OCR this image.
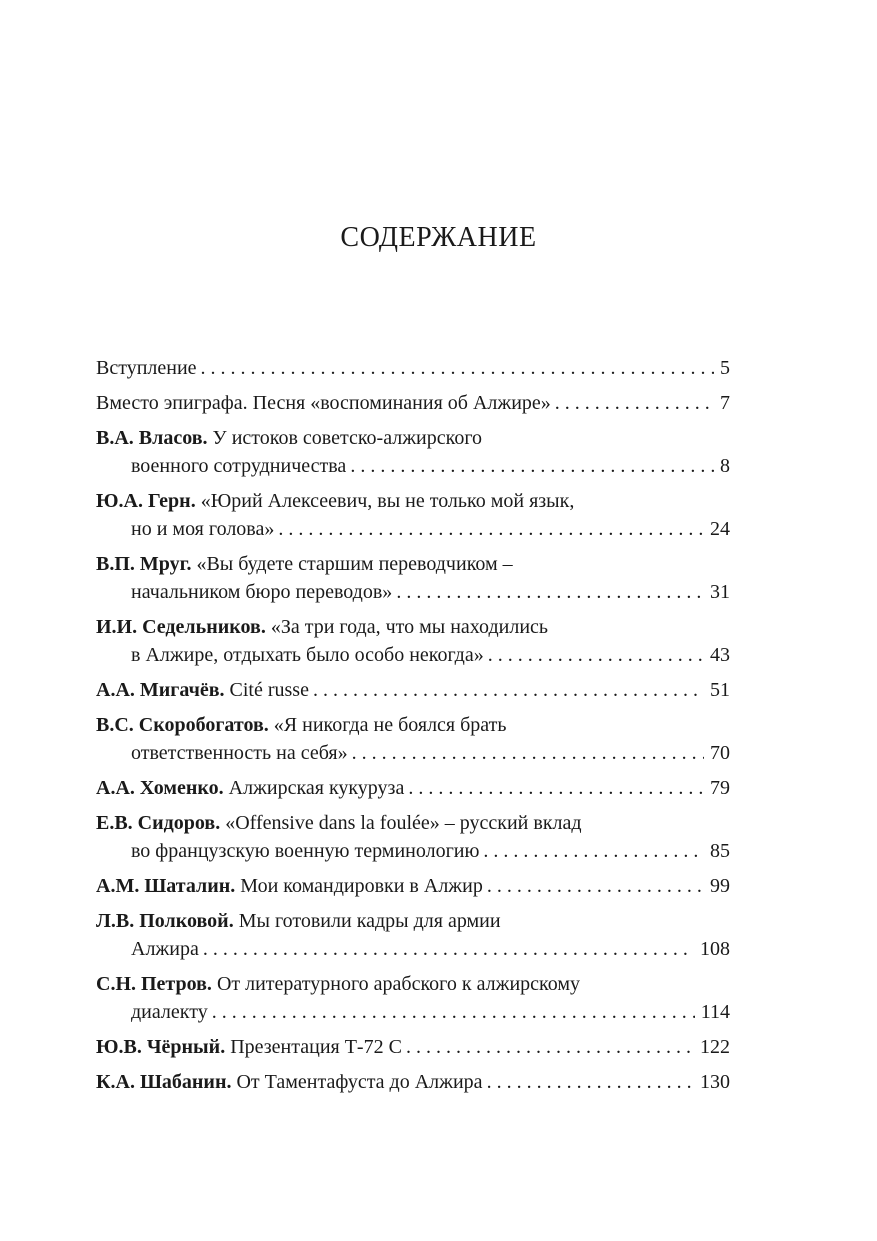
СОДЕРЖАНИЕ
Вступление . . .	5
Вместо эпиграфа. Песня «воспоминания об Алжире» . . .	7
В.А. Власов. У истоков советско-алжирского
военного сотрудничества . . .	8
Ю.А. Герн. «Юрий Алексеевич, вы не только мой язык,
но и моя голова» . . .	24
В.П. Мруг. «Вы будете старшим переводчиком –
начальником бюро переводов» . . .	31
И.И. Седельников. «За три года, что мы находились
в Алжире, отдыхать было особо некогда» . . .	43
А.А. Мигачёв. Cité russe . . .	51
В.С. Скоробогатов. «Я никогда не боялся брать
ответственность на себя» . . .	70
А.А. Хоменко. Алжирская кукуруза . . .	79
Е.В. Сидоров. «Offensive dans la foulée» – русский вклад
во французскую военную терминологию . . .	85
А.М. Шаталин. Мои командировки в Алжир . . .	99
Л.В. Полковой. Мы готовили кадры для армии
Алжира . . .	108
С.Н. Петров. От литературного арабского к алжирскому
диалекту . . .	114
Ю.В. Чёрный. Презентация Т-72 С . . .	122
К.А. Шабанин. От Таментафуста до Алжира . . .	130
